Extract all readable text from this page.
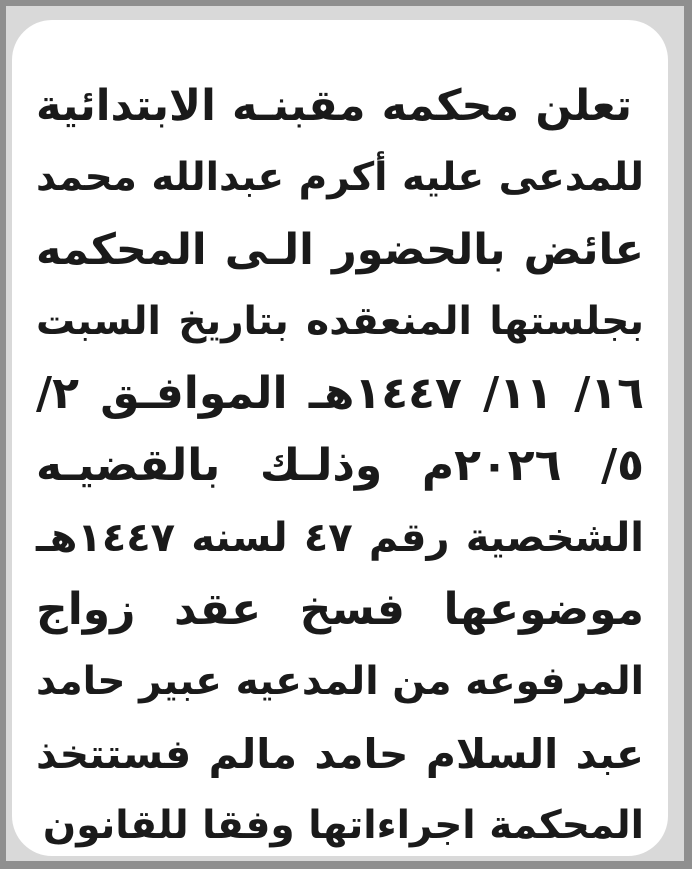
تعلن محكمه مقبنـه الابتدائية
للمدعى عليه أكرم عبدالله محمد
عائض بالحضور الـى المحكمه
بجلستها المنعقده بتاريخ السبت
١٦/ ١١/ ١٤٤٧هـ الموافـق ٢/
٥/ ٢٠٢٦م وذلـك بالقضيـه
الشخصية رقم ٤٧ لسنه ١٤٤٧هـ
موضوعها فسخ عقد زواج
المرفوعه من المدعيه عبير حامد
عبد السلام حامد مالم فستتخذ
المحكمة اجراءاتها وفقا للقانون
